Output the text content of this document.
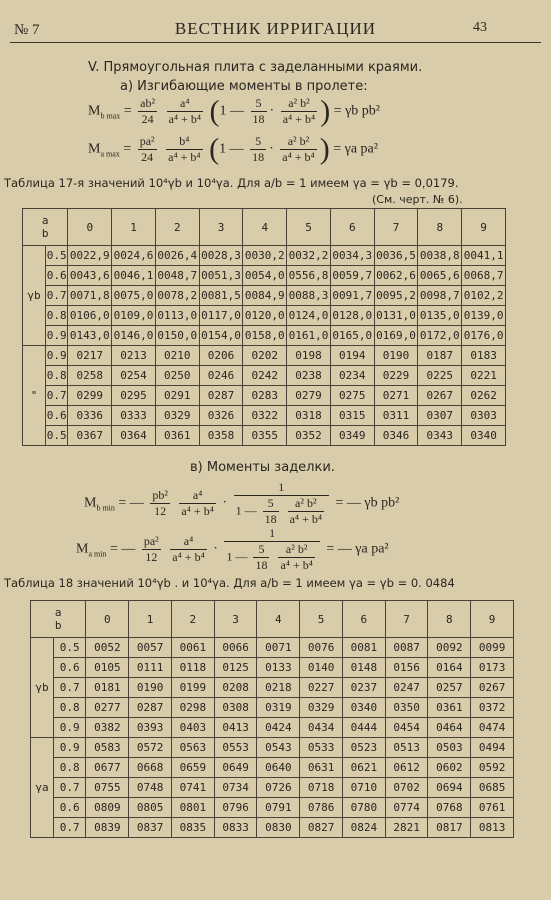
№ 7	ВЕСТНИК ИРРИГАЦИИ	43
V. Прямоугольная плита с заделанными краями.
а) Изгибающие моменты в пролете:
$M_{b max} = \frac{\text{ab²}}{24}$
$\frac{\text{a⁴}}{\text{a⁴ + b⁴}} (1$ — $\frac{5}{18} \cdot \frac{\text{a² b²}}{\text{a⁴ + b⁴}}$ ) = γb pb²
$M_{a max} = \frac{\text{pa²}}{24}$
$\frac{\text{b⁴}}{\text{a⁴ + b⁴}} (1$ — $\frac{5}{18} \cdot \frac{\text{a² b²}}{\text{a⁴ + b⁴}}$ ) = γa pa²
Таблица 17-я значений 10⁴γb и 10⁴γa. Для a/b = 1 имеем γa = γb = 0,0179.
(См. черт. № 6).
a
b		0	1	2	3	4	5	6	7	8	9
γb	0.5	0022,9	0024,6	0026,4	0028,3	0030,2	0032,2	0034,3	0036,5	0038,8	0041,1
	0.6	0043,6	0046,1	0048,7	0051,3	0054,0	0556,8	0059,7	0062,6	0065,6	0068,7
	0.7	0071,8	0075,0	0078,2	0081,5	0084,9	0088,3	0091,7	0095,2	0098,7	0102,2
	0.8	0106,0	0109,0	0113,0	0117,0	0120,0	0124,0	0128,0	0131,0	0135,0	0139,0
	0.9	0143,0	0146,0	0150,0	0154,0	0158,0	0161,0	0165,0	0169,0	0172,0	0176,0
"	0.9	0217	0213	0210	0206	0202	0198	0194	0190	0187	0183
	0.8	0258	0254	0250	0246	0242	0238	0234	0229	0225	0221
	0.7	0299	0295	0291	0287	0283	0279	0275	0271	0267	0262
	0.6	0336	0333	0329	0326	0322	0318	0315	0311	0307	0303
	0.5	0367	0364	0361	0358	0355	0352	0349	0346	0343	0340
в) Моменты заделки.
$M_{b min}$ = — $\frac{\text{pb²}}{12}$
$\frac{\text{a⁴}}{\text{a⁴ + b⁴}} \cdot 1$
1 — $\frac{5}{18}$
$\frac{\text{a² b²}}{\text{a⁴ + b⁴}}$ = — γb pb²
$M_{a min}$ = — $\frac{\text{pa²}}{12}$
$\frac{\text{a⁴}}{\text{a⁴ + b⁴}} \cdot 1$
1 — $\frac{5}{18}$
$\frac{\text{a² b²}}{\text{a⁴ + b⁴}}$ = — γa pa²
Таблица 18 значений 10⁴γb . и 10⁴γa. Для a/b = 1 имеем γa = γb = 0. 0484
a
b		0	1	2	3	4	5	6	7	8	9
γb	0.5	0052	0057	0061	0066	0071	0076	0081	0087	0092	0099
	0.6	0105	0111	0118	0125	0133	0140	0148	0156	0164	0173
	0.7	0181	0190	0199	0208	0218	0227	0237	0247	0257	0267
	0.8	0277	0287	0298	0308	0319	0329	0340	0350	0361	0372
	0.9	0382	0393	0403	0413	0424	0434	0444	0454	0464	0474
γa	0.9	0583	0572	0563	0553	0543	0533	0523	0513	0503	0494
	0.8	0677	0668	0659	0649	0640	0631	0621	0612	0602	0592
	0.7	0755	0748	0741	0734	0726	0718	0710	0702	0694	0685
	0.6	0809	0805	0801	0796	0791	0786	0780	0774	0768	0761
	0.7	0839	0837	0835	0833	0830	0827	0824	2821	0817	0813
